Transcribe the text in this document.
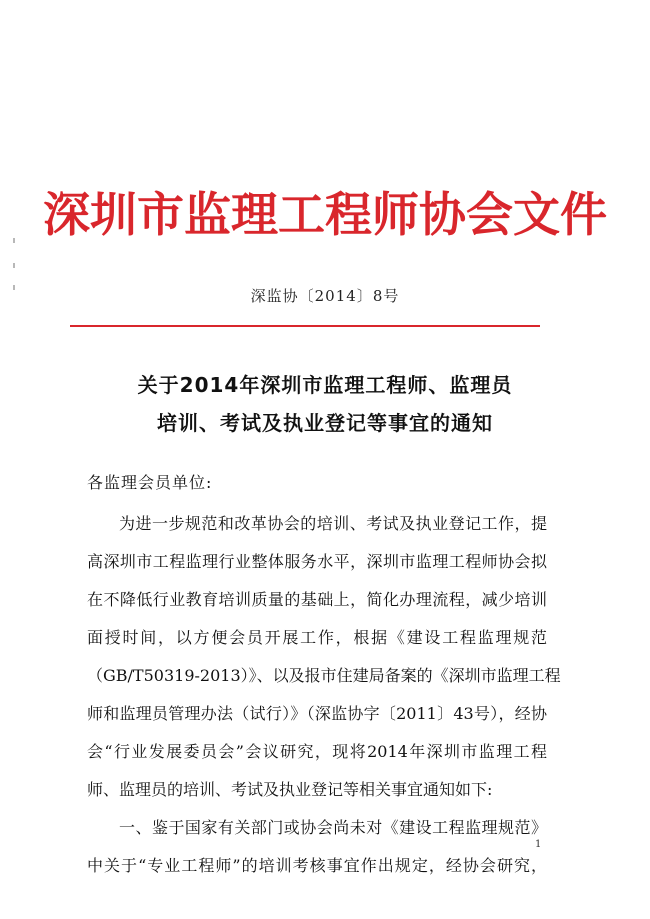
深圳市监理工程师协会文件
深监协〔2014〕8号
关于2014年深圳市监理工程师、监理员
培训、考试及执业登记等事宜的通知
各监理会员单位:
为进一步规范和改革协会的培训、考试及执业登记工作，提
高深圳市工程监理行业整体服务水平，深圳市监理工程师协会拟
在不降低行业教育培训质量的基础上，简化办理流程，减少培训
面授时间，以方便会员开展工作，根据《建设工程监理规范
（GB/T50319-2013）》、以及报市住建局备案的《深圳市监理工程
师和监理员管理办法（试行）》（深监协字〔2011〕43号），经协
会“行业发展委员会”会议研究，现将2014年深圳市监理工程
师、监理员的培训、考试及执业登记等相关事宜通知如下:
一、鉴于国家有关部门或协会尚未对《建设工程监理规范》
中关于“专业工程师”的培训考核事宜作出规定，经协会研究，
1
